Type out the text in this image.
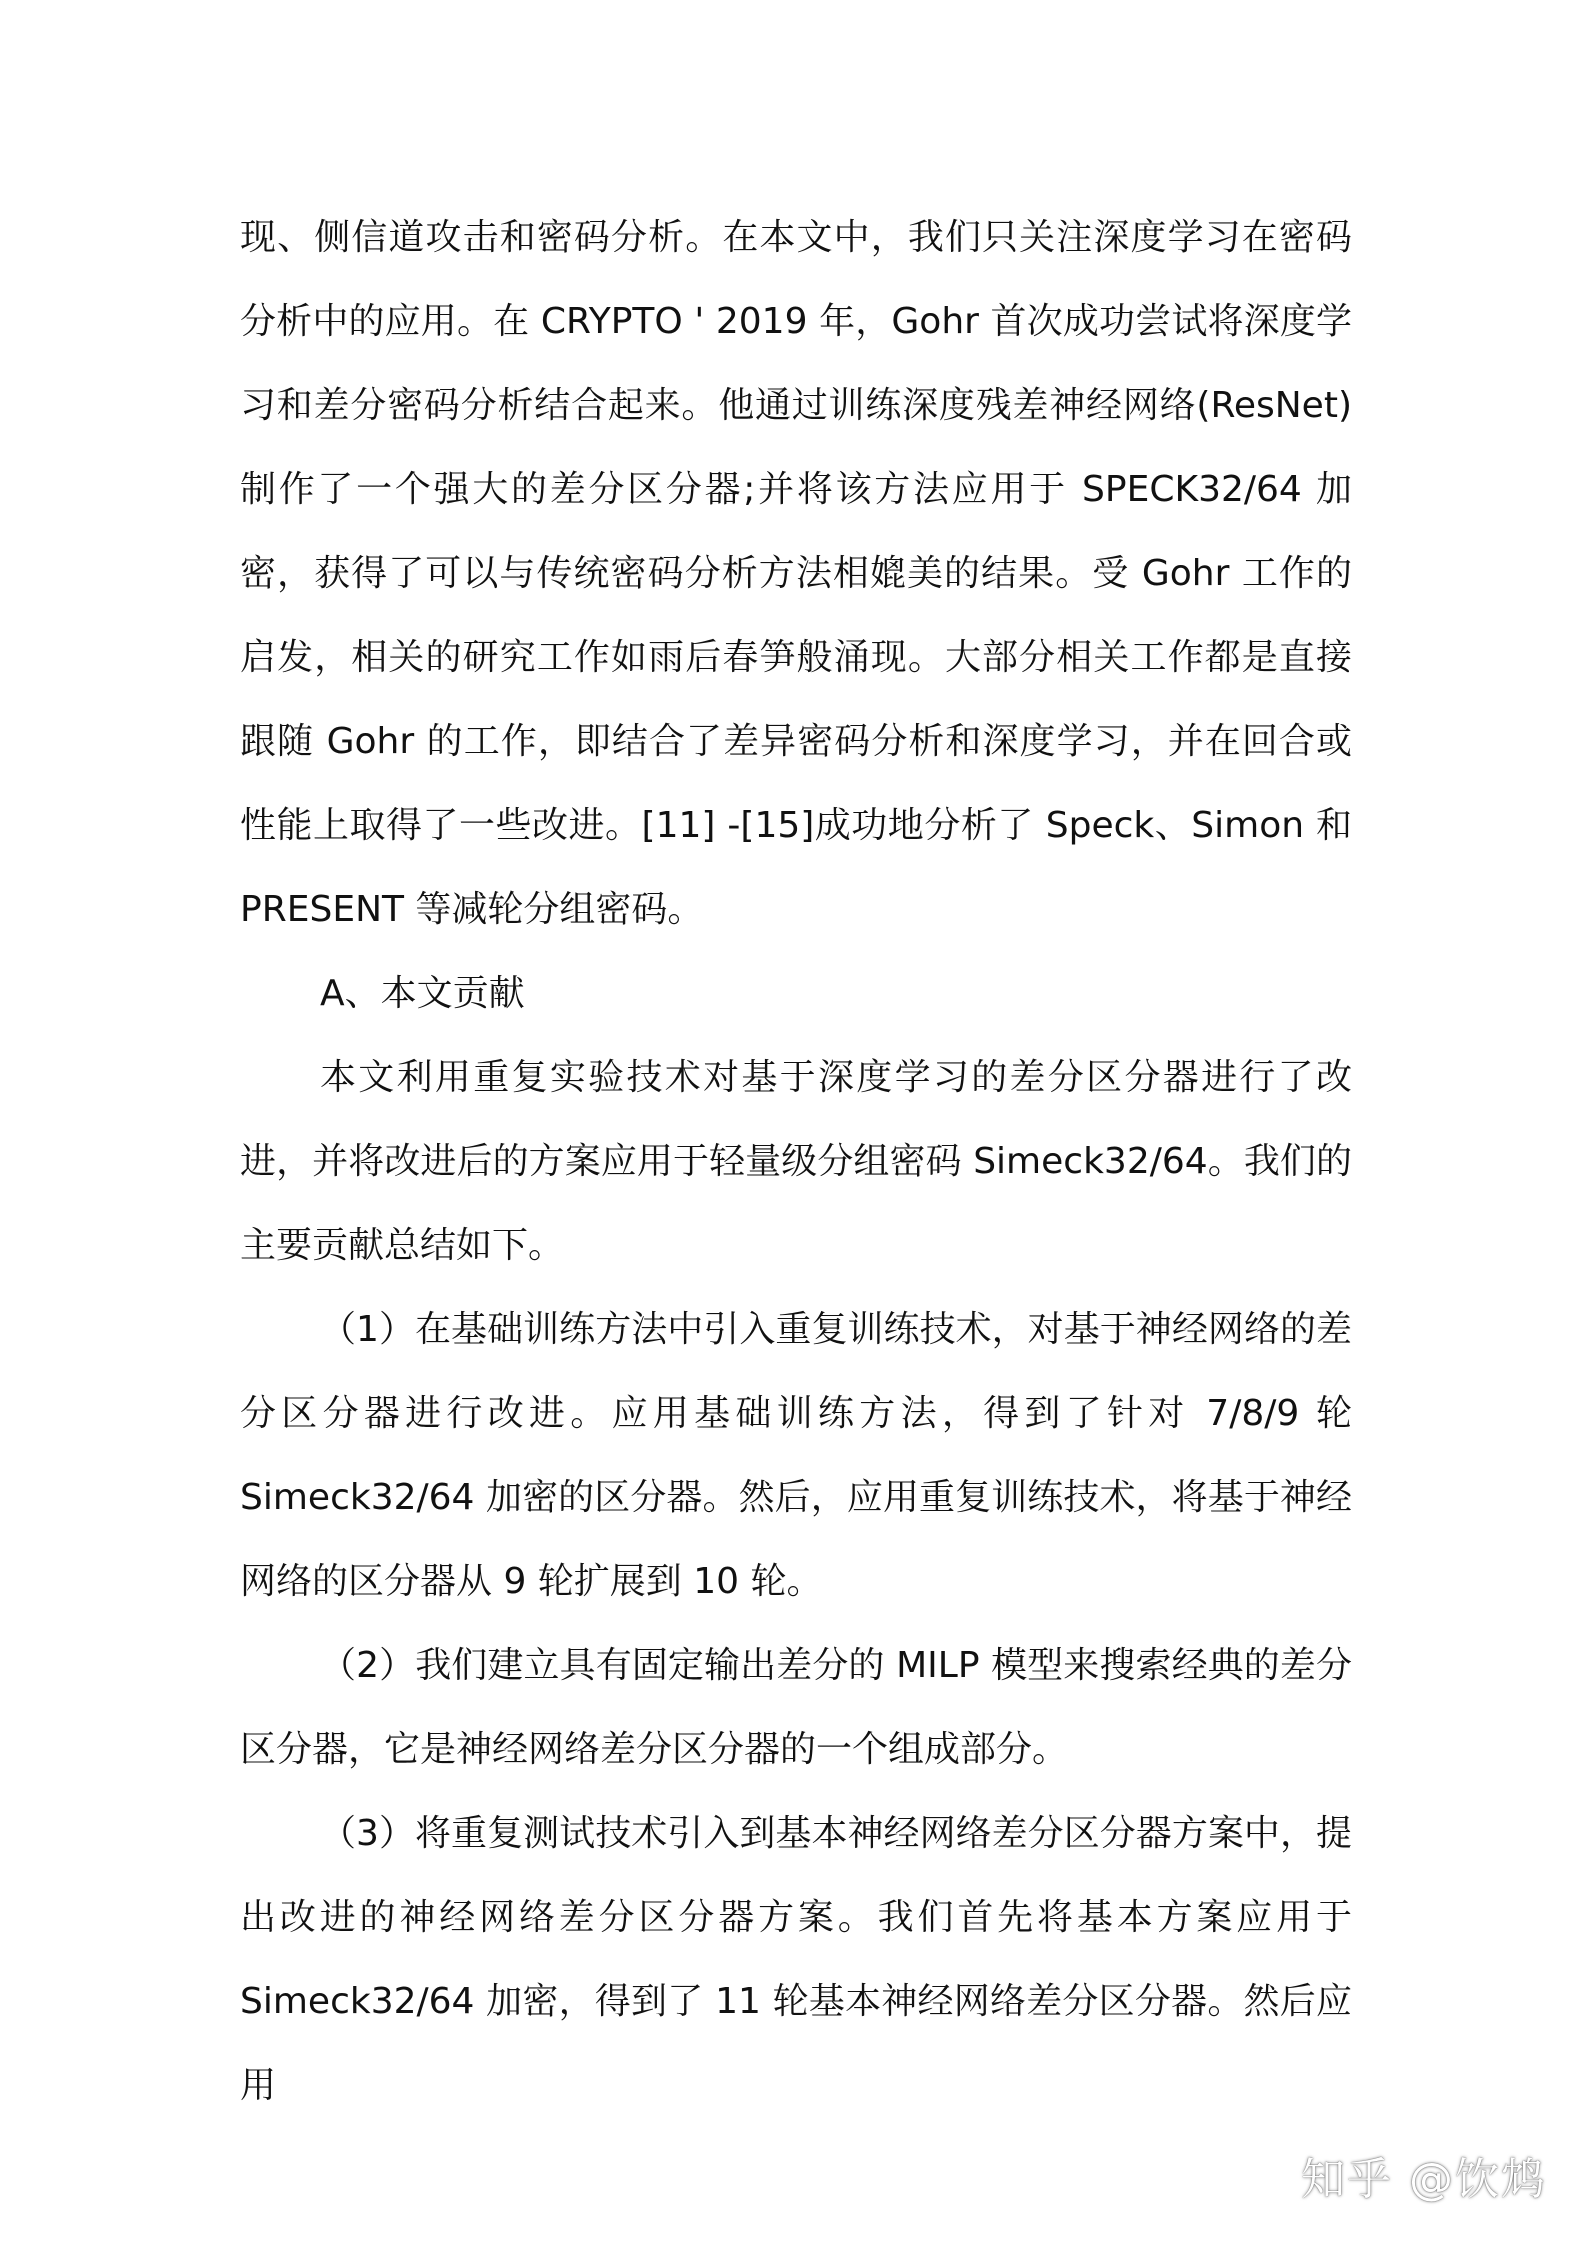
现、侧信道攻击和密码分析。在本文中，我们只关注深度学习在密码分析中的应用。在 CRYPTO ' 2019 年，Gohr 首次成功尝试将深度学习和差分密码分析结合起来。他通过训练深度残差神经网络(ResNet)制作了一个强大的差分区分器;并将该方法应用于 SPECK32/64 加密，获得了可以与传统密码分析方法相媲美的结果。受 Gohr 工作的启发，相关的研究工作如雨后春笋般涌现。大部分相关工作都是直接跟随 Gohr 的工作，即结合了差异密码分析和深度学习，并在回合或性能上取得了一些改进。[11] -[15]成功地分析了 Speck、Simon 和 PRESENT 等减轮分组密码。

A、本文贡献

本文利用重复实验技术对基于深度学习的差分区分器进行了改进，并将改进后的方案应用于轻量级分组密码 Simeck32/64。我们的主要贡献总结如下。

（1）在基础训练方法中引入重复训练技术，对基于神经网络的差分区分器进行改进。应用基础训练方法，得到了针对 7/8/9 轮 Simeck32/64 加密的区分器。然后，应用重复训练技术，将基于神经网络的区分器从 9 轮扩展到 10 轮。

（2）我们建立具有固定输出差分的 MILP 模型来搜索经典的差分区分器，它是神经网络差分区分器的一个组成部分。

（3）将重复测试技术引入到基本神经网络差分区分器方案中，提出改进的神经网络差分区分器方案。我们首先将基本方案应用于 Simeck32/64 加密，得到了 11 轮基本神经网络差分区分器。然后应用

知乎 @饮鸩
